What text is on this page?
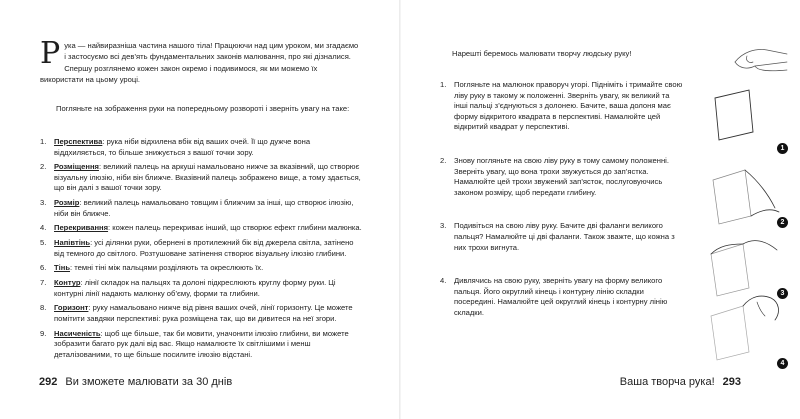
Р ука — найвиразніша частина нашого тіла! Працюючи над цим уроком, ми згадаємо і застосуємо всі дев’ять фундаментальних законів малювання, про які дізналися. Спершу розглянемо кожен закон окремо і подивимося, як ми можемо їх використати на цьому уроці.
Погляньте на зображення руки на попередньому розвороті і зверніть увагу на таке:
1. Перспектива: рука ніби відхилена вбік від ваших очей. Її що дужче вона віддхиляється, то більше знижується з вашої точки зору.
2. Розміщення: великий палець на аркуші намальовано нижче за вказівний, що створює візуальну ілюзію, ніби він ближче. Вказівний палець зображено вище, а тому здається, що він далі з вашої точки зору.
3. Розмір: великий палець намальовано товщим і ближчим за інші, що створює ілюзію, ніби він ближче.
4. Перекривання: кожен палець перекриває інший, що створює ефект глибини малюнка.
5. Напівтінь: усі ділянки руки, обернені в протилежний бік від джерела світла, затінено від темного до світлого. Розтушоване затінення створює візуальну ілюзію глибини.
6. Тінь: темні тіні між пальцями розділяють та окреслюють їх.
7. Контур: лінії складок на пальцях та долоні підкреслюють круглу форму руки. Ці контурні лінії надають малюнку об’єму, форми та глибини.
8. Горизонт: руку намальовано нижче від рівня ваших очей, лінії горизонту. Це можете помітити завдяки перспективі: рука розміщена так, що ви дивитеся на неї згори.
9. Насиченість: щоб ще більше, так би мовити, уначонити ілюзію глибини, ви можете зобразити багато рук далі від вас. Якщо намалюєте їх світлішими і менш деталізованими, то ще більше посилите ілюзію відстані.
292 Ви зможете малювати за 30 днів
Нарешті беремось малювати творчу людську руку!
1. Погляньте на малюнок праворуч угорі. Підніміть і тримайте свою ліву руку в такому ж положенні. Зверніть увагу, як великий та інші пальці з’єднуються з долонею. Бачите, ваша долоня має форму відкритого квадрата в перспективі. Намалюйте цей відкритий квадрат у перспективі.
2. Знову погляньте на свою ліву руку в тому самому положенні. Зверніть увагу, що вона трохи звужується до зап’ястка. Намалюйте цей трохи звужений зап’ясток, послуговуючись законом розміру, щоб передати глибину.
3. Подивіться на свою ліву руку. Бачите дві фаланги великого пальця? Намалюйте ці дві фаланги. Також зважте, що кожна з них трохи вигнута.
4. Дивлячись на свою руку, зверніть увагу на форму великого пальця. Його округлий кінець і контурну лінію складки посередині. Намалюйте цей округлий кінець і контурну лінію складки.
1
2
3
4
Ваша творча рука! 293
